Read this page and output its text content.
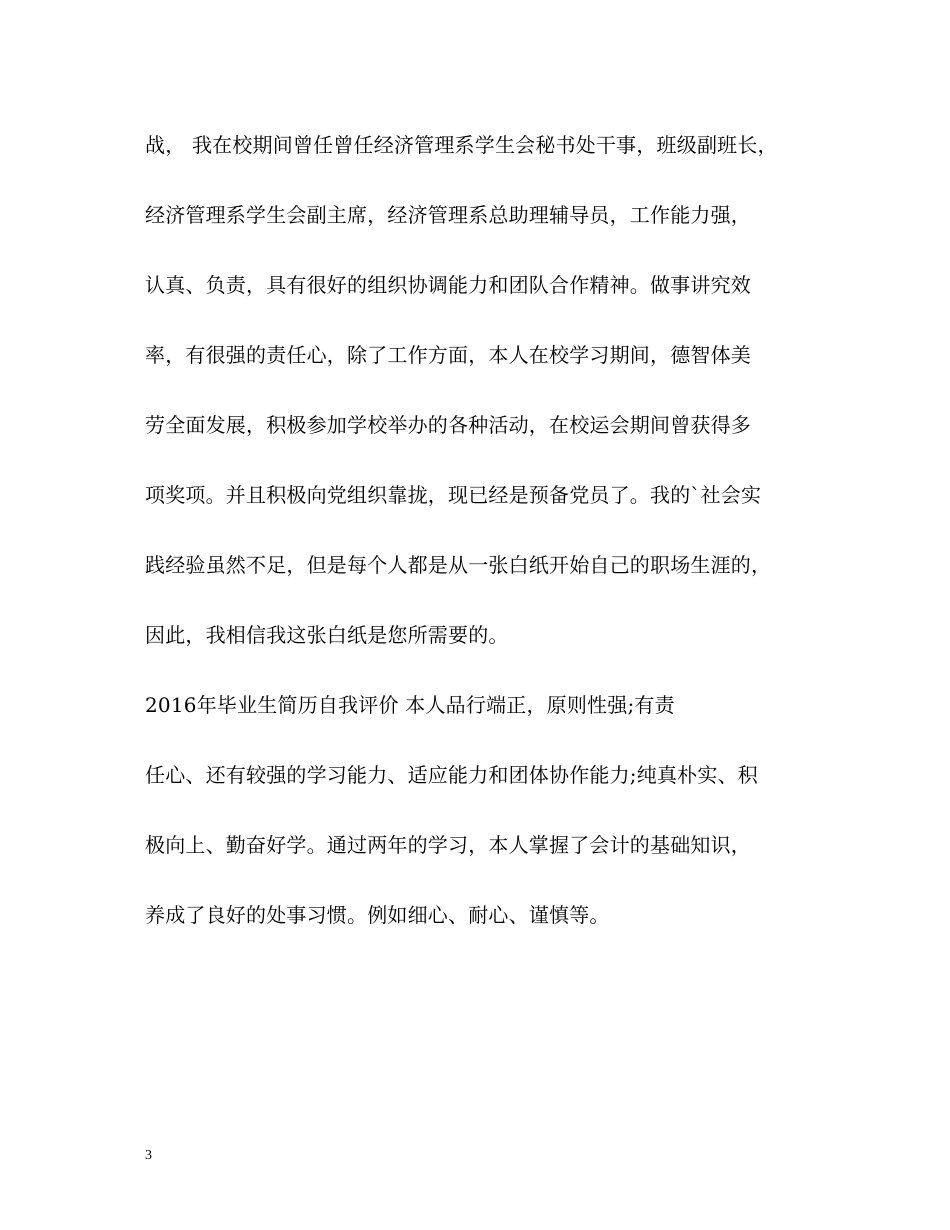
战， 我在校期间曾任曾任经济管理系学生会秘书处干事，班级副班长，
经济管理系学生会副主席，经济管理系总助理辅导员，工作能力强，
认真、负责，具有很好的组织协调能力和团队合作精神。做事讲究效
率，有很强的责任心，除了工作方面，本人在校学习期间，德智体美
劳全面发展，积极参加学校举办的各种活动，在校运会期间曾获得多
项奖项。并且积极向党组织靠拢，现已经是预备党员了。我的`社会实
践经验虽然不足，但是每个人都是从一张白纸开始自己的职场生涯的，
因此，我相信我这张白纸是您所需要的。
2016年毕业生简历自我评价 本人品行端正，原则性强;有责
任心、还有较强的学习能力、适应能力和团体协作能力;纯真朴实、积
极向上、勤奋好学。通过两年的学习，本人掌握了会计的基础知识，
养成了良好的处事习惯。例如细心、耐心、谨慎等。
3
